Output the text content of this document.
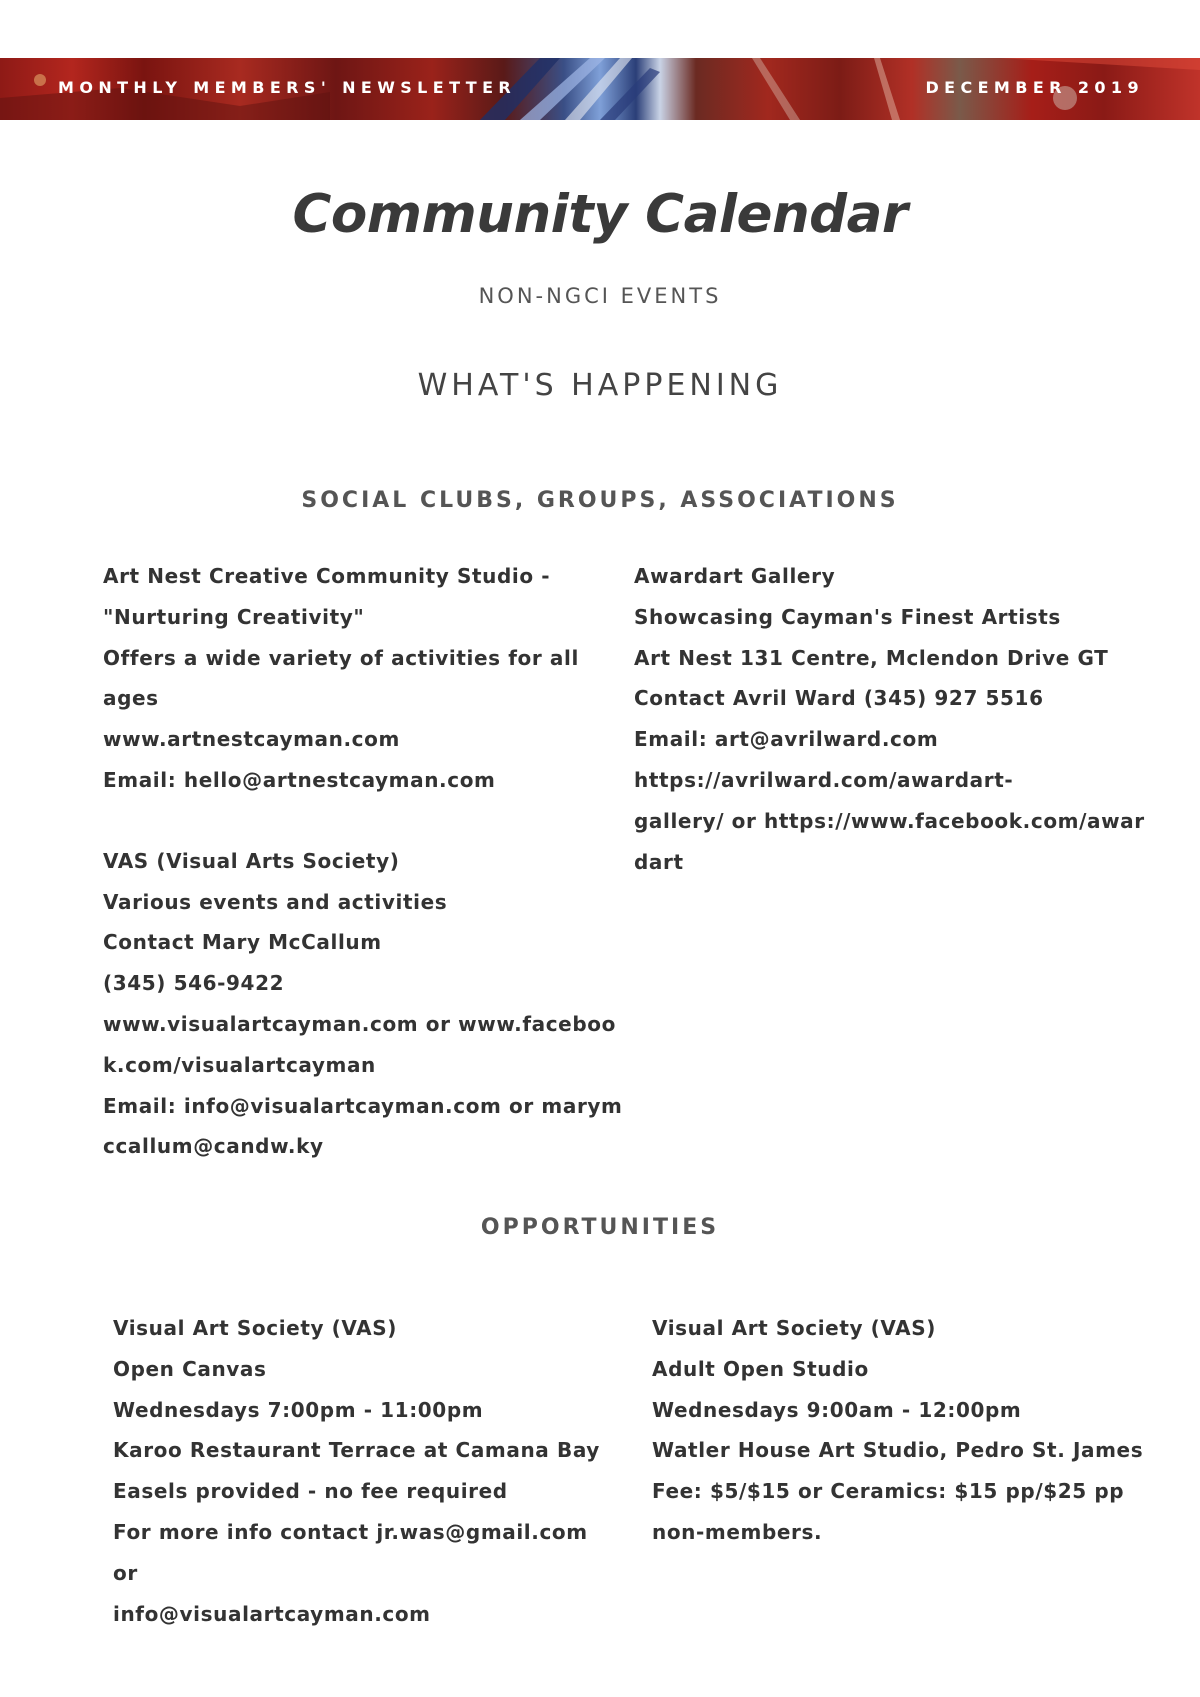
MONTHLY MEMBERS' NEWSLETTER	DECEMBER 2019
Community Calendar
NON-NGCI EVENTS
WHAT'S HAPPENING
SOCIAL CLUBS, GROUPS, ASSOCIATIONS
Art Nest Creative Community Studio -
"Nurturing Creativity"
Offers a wide variety of activities for all
ages
www.artnestcayman.com
Email: hello@artnestcayman.com
VAS (Visual Arts Society)
Various events and activities
Contact Mary McCallum
(345) 546-9422
www.visualartcayman.com or www.faceboo
k.com/visualartcayman
Email: info@visualartcayman.com or marym
ccallum@candw.ky
Awardart Gallery
Showcasing Cayman's Finest Artists
Art Nest 131 Centre, Mclendon Drive GT
Contact Avril Ward (345) 927 5516
Email: art@avrilward.com
https://avrilward.com/awardart-
gallery/ or https://www.facebook.com/awar
dart
OPPORTUNITIES
Visual Art Society (VAS)
Open Canvas
Wednesdays 7:00pm - 11:00pm
Karoo Restaurant Terrace at Camana Bay
Easels provided - no fee required
For more info contact jr.was@gmail.com
or
info@visualartcayman.com
Visual Art Society (VAS)
Adult Open Studio
Wednesdays 9:00am - 12:00pm
Watler House Art Studio, Pedro St. James
Fee: $5/$15 or Ceramics: $15 pp/$25 pp
non-members.
